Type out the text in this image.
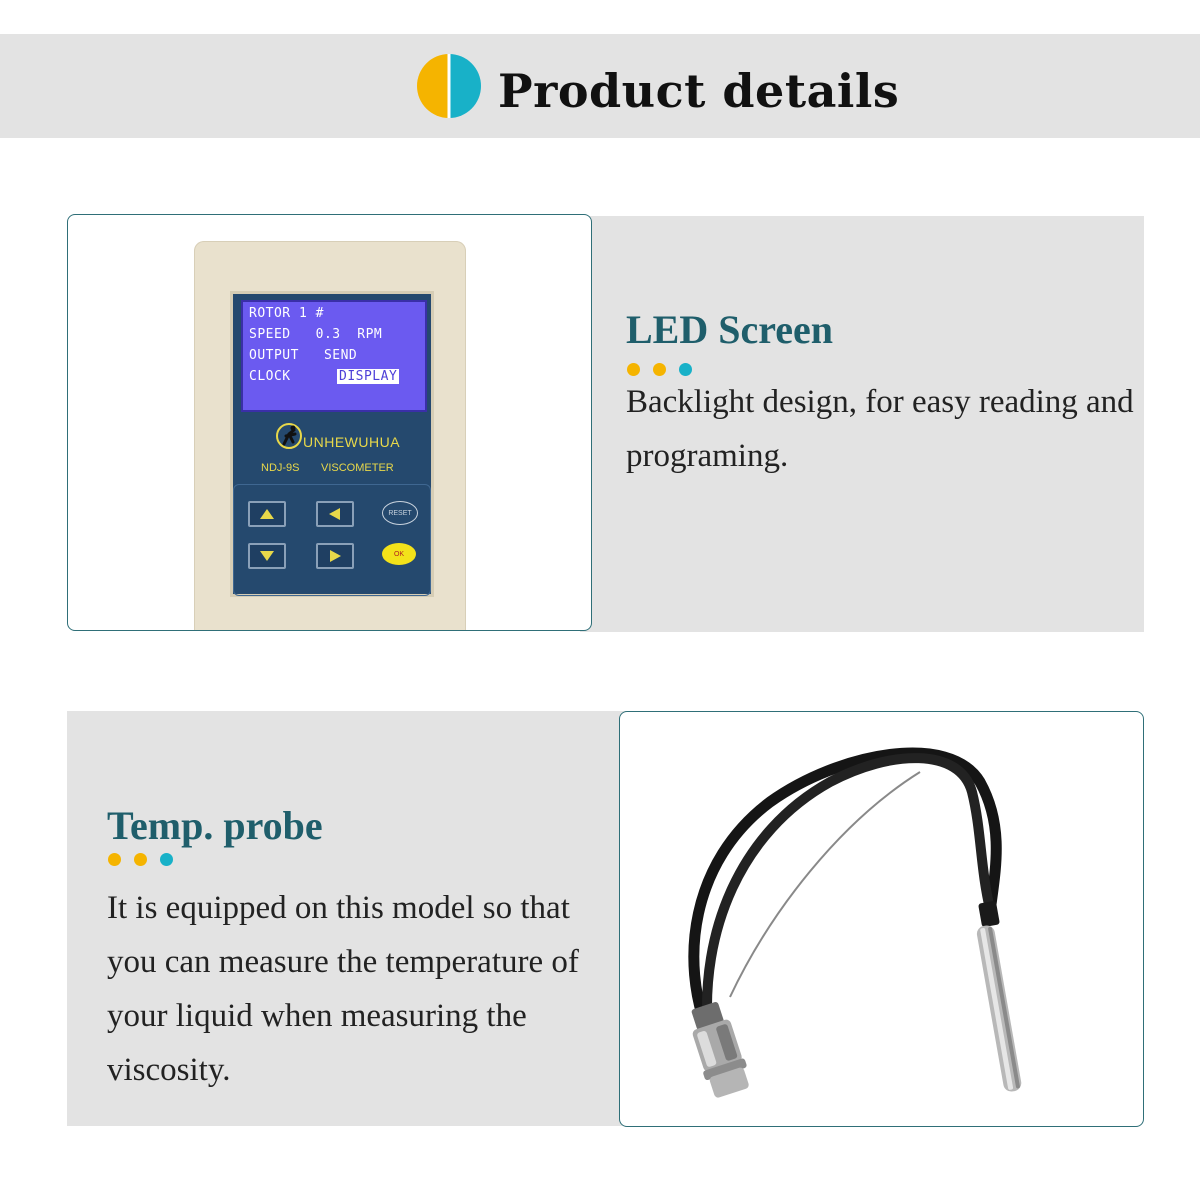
Product details
ROTOR 1 #
SPEED   0.3  RPM
OUTPUT   SEND
CLOCK	DISPLAY
UNHEWUHUA
NDJ-9S VISCOMETER
RESET
OK
LED Screen
Backlight design, for easy reading and programing.
Temp. probe
It is equipped on this model so that you can measure the temperature of your liquid when measuring the viscosity.
